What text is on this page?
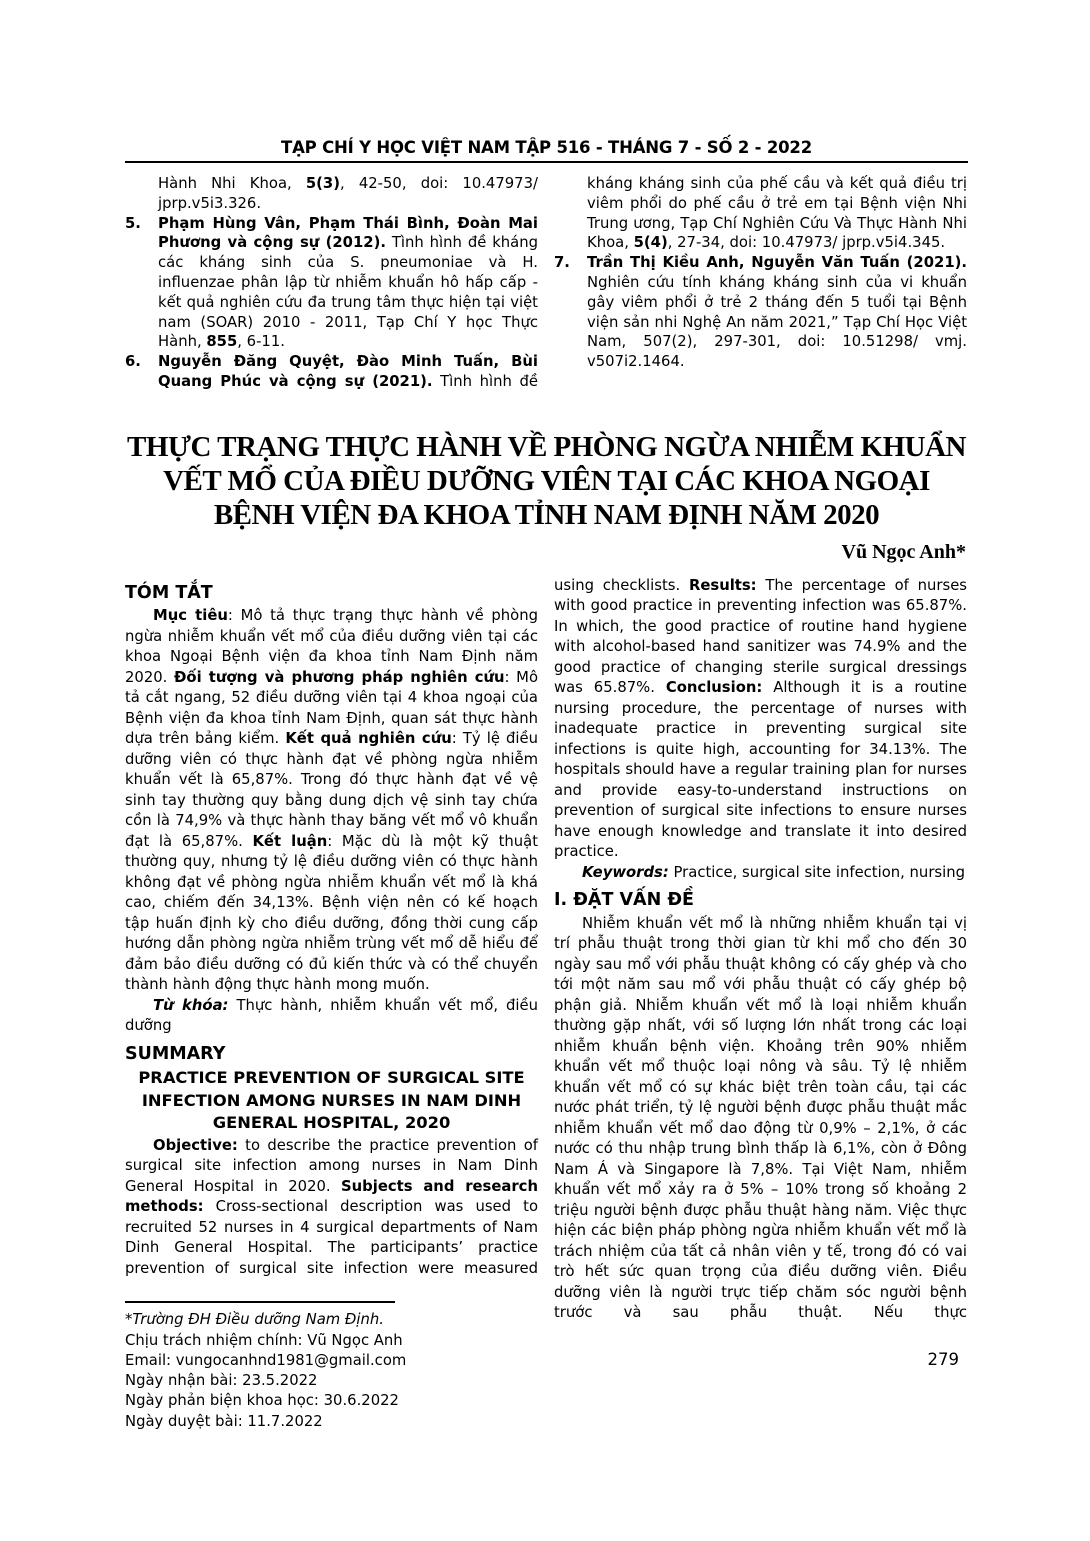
TẠP CHÍ Y HỌC VIỆT NAM TẬP 516 - THÁNG 7 - SỐ 2 - 2022
Hành Nhi Khoa, 5(3), 42-50, doi: 10.47973/ jprp.v5i3.326.
5. Phạm Hùng Vân, Phạm Thái Bình, Đoàn Mai Phương và cộng sự (2012). Tình hình đề kháng các kháng sinh của S. pneumoniae và H. influenzae phân lập từ nhiễm khuẩn hô hấp cấp - kết quả nghiên cứu đa trung tâm thực hiện tại việt nam (SOAR) 2010 - 2011, Tạp Chí Y học Thực Hành, 855, 6-11.
6. Nguyễn Đăng Quyệt, Đào Minh Tuấn, Bùi Quang Phúc và cộng sự (2021). Tình hình đề
kháng kháng sinh của phế cầu và kết quả điều trị viêm phổi do phế cầu ở trẻ em tại Bệnh viện Nhi Trung ương, Tạp Chí Nghiên Cứu Và Thực Hành Nhi Khoa, 5(4), 27-34, doi: 10.47973/ jprp.v5i4.345.
7. Trần Thị Kiều Anh, Nguyễn Văn Tuấn (2021). Nghiên cứu tính kháng kháng sinh của vi khuẩn gây viêm phổi ở trẻ 2 tháng đến 5 tuổi tại Bệnh viện sản nhi Nghệ An năm 2021,” Tạp Chí Học Việt Nam, 507(2), 297-301, doi: 10.51298/ vmj. v507i2.1464.
THỰC TRẠNG THỰC HÀNH VỀ PHÒNG NGỪA NHIỄM KHUẨN
VẾT MỔ CỦA ĐIỀU DƯỠNG VIÊN TẠI CÁC KHOA NGOẠI
BỆNH VIỆN ĐA KHOA TỈNH NAM ĐỊNH NĂM 2020
Vũ Ngọc Anh*
TÓM TẮT

Mục tiêu: Mô tả thực trạng thực hành về phòng ngừa nhiễm khuẩn vết mổ của điều dưỡng viên tại các khoa Ngoại Bệnh viện đa khoa tỉnh Nam Định năm 2020. Đối tượng và phương pháp nghiên cứu: Mô tả cắt ngang, 52 điều dưỡng viên tại 4 khoa ngoại của Bệnh viện đa khoa tỉnh Nam Định, quan sát thực hành dựa trên bảng kiểm. Kết quả nghiên cứu: Tỷ lệ điều dưỡng viên có thực hành đạt về phòng ngừa nhiễm khuẩn vết là 65,87%. Trong đó thực hành đạt về vệ sinh tay thường quy bằng dung dịch vệ sinh tay chứa cồn là 74,9% và thực hành thay băng vết mổ vô khuẩn đạt là 65,87%. Kết luận: Mặc dù là một kỹ thuật thường quy, nhưng tỷ lệ điều dưỡng viên có thực hành không đạt về phòng ngừa nhiễm khuẩn vết mổ là khá cao, chiếm đến 34,13%. Bệnh viện nên có kế hoạch tập huấn định kỳ cho điều dưỡng, đồng thời cung cấp hướng dẫn phòng ngừa nhiễm trùng vết mổ dễ hiểu để đảm bảo điều dưỡng có đủ kiến thức và có thể chuyển thành hành động thực hành mong muốn.

Từ khóa: Thực hành, nhiễm khuẩn vết mổ, điều dưỡng

SUMMARY
PRACTICE PREVENTION OF SURGICAL SITE INFECTION AMONG NURSES IN NAM DINH GENERAL HOSPITAL, 2020

Objective: to describe the practice prevention of surgical site infection among nurses in Nam Dinh General Hospital in 2020. Subjects and research methods: Cross-sectional description was used to recruited 52 nurses in 4 surgical departments of Nam Dinh General Hospital. The participants’ practice prevention of surgical site infection were measured

*Trường ĐH Điều dưỡng Nam Định.
Chịu trách nhiệm chính: Vũ Ngọc Anh
Email: vungocanhnd1981@gmail.com
Ngày nhận bài: 23.5.2022
Ngày phản biện khoa học: 30.6.2022
Ngày duyệt bài: 11.7.2022

using checklists. Results: The percentage of nurses with good practice in preventing infection was 65.87%. In which, the good practice of routine hand hygiene with alcohol-based hand sanitizer was 74.9% and the good practice of changing sterile surgical dressings was 65.87%. Conclusion: Although it is a routine nursing procedure, the percentage of nurses with inadequate practice in preventing surgical site infections is quite high, accounting for 34.13%. The hospitals should have a regular training plan for nurses and provide easy-to-understand instructions on prevention of surgical site infections to ensure nurses have enough knowledge and translate it into desired practice.

Keywords: Practice, surgical site infection, nursing

I. ĐẶT VẤN ĐỀ

Nhiễm khuẩn vết mổ là những nhiễm khuẩn tại vị trí phẫu thuật trong thời gian từ khi mổ cho đến 30 ngày sau mổ với phẫu thuật không có cấy ghép và cho tới một năm sau mổ với phẫu thuật có cấy ghép bộ phận giả. Nhiễm khuẩn vết mổ là loại nhiễm khuẩn thường gặp nhất, với số lượng lớn nhất trong các loại nhiễm khuẩn bệnh viện. Khoảng trên 90% nhiễm khuẩn vết mổ thuộc loại nông và sâu. Tỷ lệ nhiễm khuẩn vết mổ có sự khác biệt trên toàn cầu, tại các nước phát triển, tỷ lệ người bệnh được phẫu thuật mắc nhiễm khuẩn vết mổ dao động từ 0,9% – 2,1%, ở các nước có thu nhập trung bình thấp là 6,1%, còn ở Đông Nam Á và Singapore là 7,8%. Tại Việt Nam, nhiễm khuẩn vết mổ xảy ra ở 5% – 10% trong số khoảng 2 triệu người bệnh được phẫu thuật hàng năm. Việc thực hiện các biện pháp phòng ngừa nhiễm khuẩn vết mổ là trách nhiệm của tất cả nhân viên y tế, trong đó có vai trò hết sức quan trọng của điều dưỡng viên. Điều dưỡng viên là người trực tiếp chăm sóc người bệnh trước và sau phẫu thuật. Nếu thực

279
